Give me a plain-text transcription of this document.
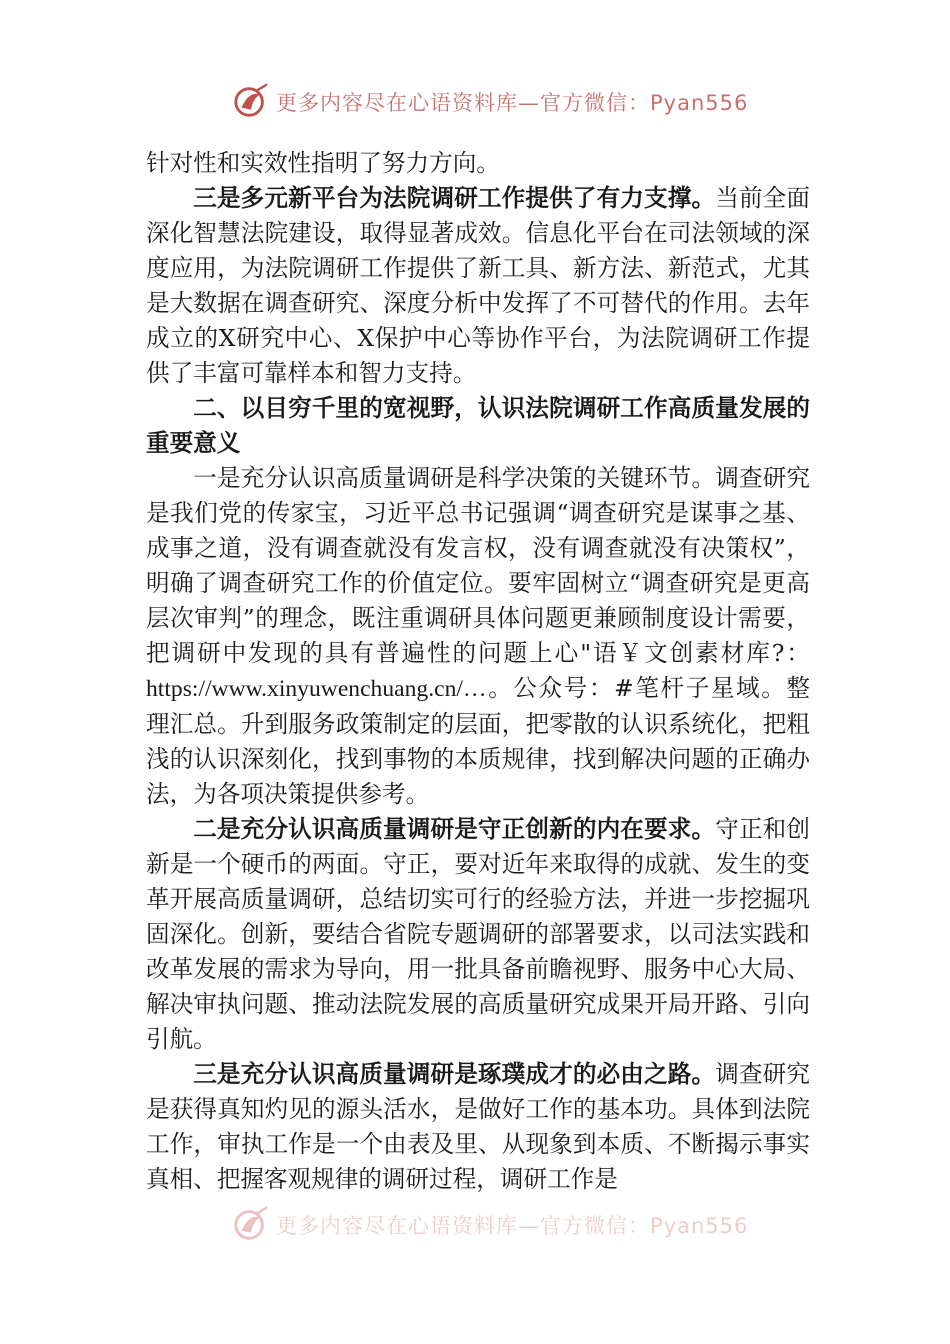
更多内容尽在心语资料库—官方微信：Pyan556

针对性和实效性指明了努力方向。

三是多元新平台为法院调研工作提供了有力支撑。当前全面深化智慧法院建设，取得显著成效。信息化平台在司法领域的深度应用，为法院调研工作提供了新工具、新方法、新范式，尤其是大数据在调查研究、深度分析中发挥了不可替代的作用。去年成立的X研究中心、X保护中心等协作平台，为法院调研工作提供了丰富可靠样本和智力支持。

二、以目穷千里的宽视野，认识法院调研工作高质量发展的重要意义

一是充分认识高质量调研是科学决策的关键环节。调查研究是我们党的传家宝，习近平总书记强调“调查研究是谋事之基、成事之道，没有调查就没有发言权，没有调查就没有决策权”，明确了调查研究工作的价值定位。要牢固树立“调查研究是更高层次审判”的理念，既注重调研具体问题更兼顾制度设计需要，把调研中发现的具有普遍性的问题上心"语￥文创素材库?：https://www.xinyuwenchuang.cn/…。公众号：#笔杆子星域。整理汇总。升到服务政策制定的层面，把零散的认识系统化，把粗浅的认识深刻化，找到事物的本质规律，找到解决问题的正确办法，为各项决策提供参考。

二是充分认识高质量调研是守正创新的内在要求。守正和创新是一个硬币的两面。守正，要对近年来取得的成就、发生的变革开展高质量调研，总结切实可行的经验方法，并进一步挖掘巩固深化。创新，要结合省院专题调研的部署要求，以司法实践和改革发展的需求为导向，用一批具备前瞻视野、服务中心大局、解决审执问题、推动法院发展的高质量研究成果开局开路、引向引航。

三是充分认识高质量调研是琢璞成才的必由之路。调查研究是获得真知灼见的源头活水，是做好工作的基本功。具体到法院工作，审执工作是一个由表及里、从现象到本质、不断揭示事实真相、把握客观规律的调研过程，调研工作是

更多内容尽在心语资料库—官方微信：Pyan556
